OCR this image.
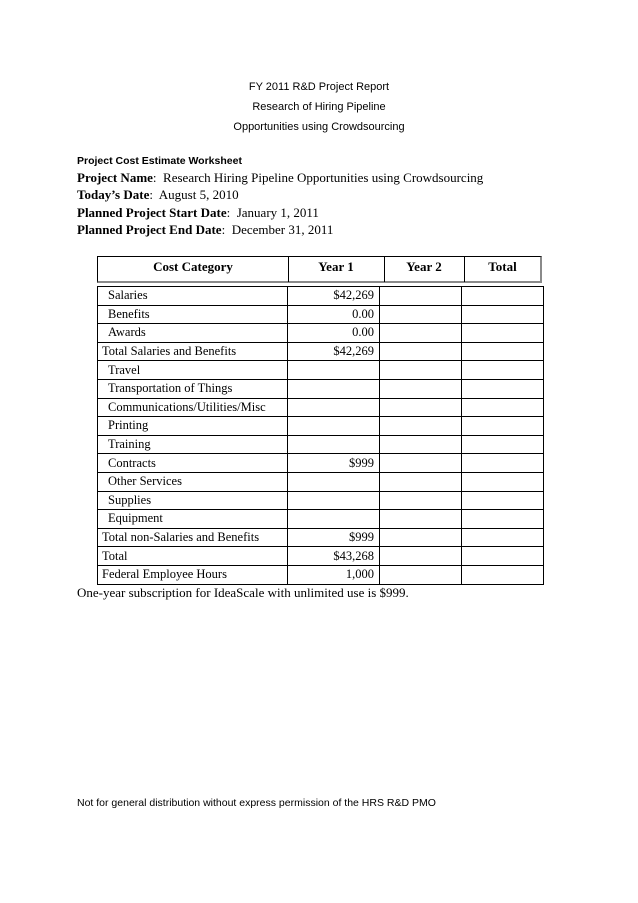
FY 2011 R&D Project Report
Research of Hiring Pipeline
Opportunities using Crowdsourcing
Project Cost Estimate Worksheet
Project Name: Research Hiring Pipeline Opportunities using Crowdsourcing
Today’s Date: August 5, 2010
Planned Project Start Date: January 1, 2011
Planned Project End Date: December 31, 2011
Cost Category	Year 1	Year 2	Total
Salaries	$42,269		
Benefits	0.00		
Awards	0.00		
Total Salaries and Benefits	$42,269		
Travel			
Transportation of Things			
Communications/Utilities/Misc			
Printing			
Training			
Contracts	$999		
Other Services			
Supplies			
Equipment			
Total non-Salaries and Benefits	$999		
Total	$43,268		
Federal Employee Hours	1,000		
One-year subscription for IdeaScale with unlimited use is $999.
Not for general distribution without express permission of the HRS R&D PMO
